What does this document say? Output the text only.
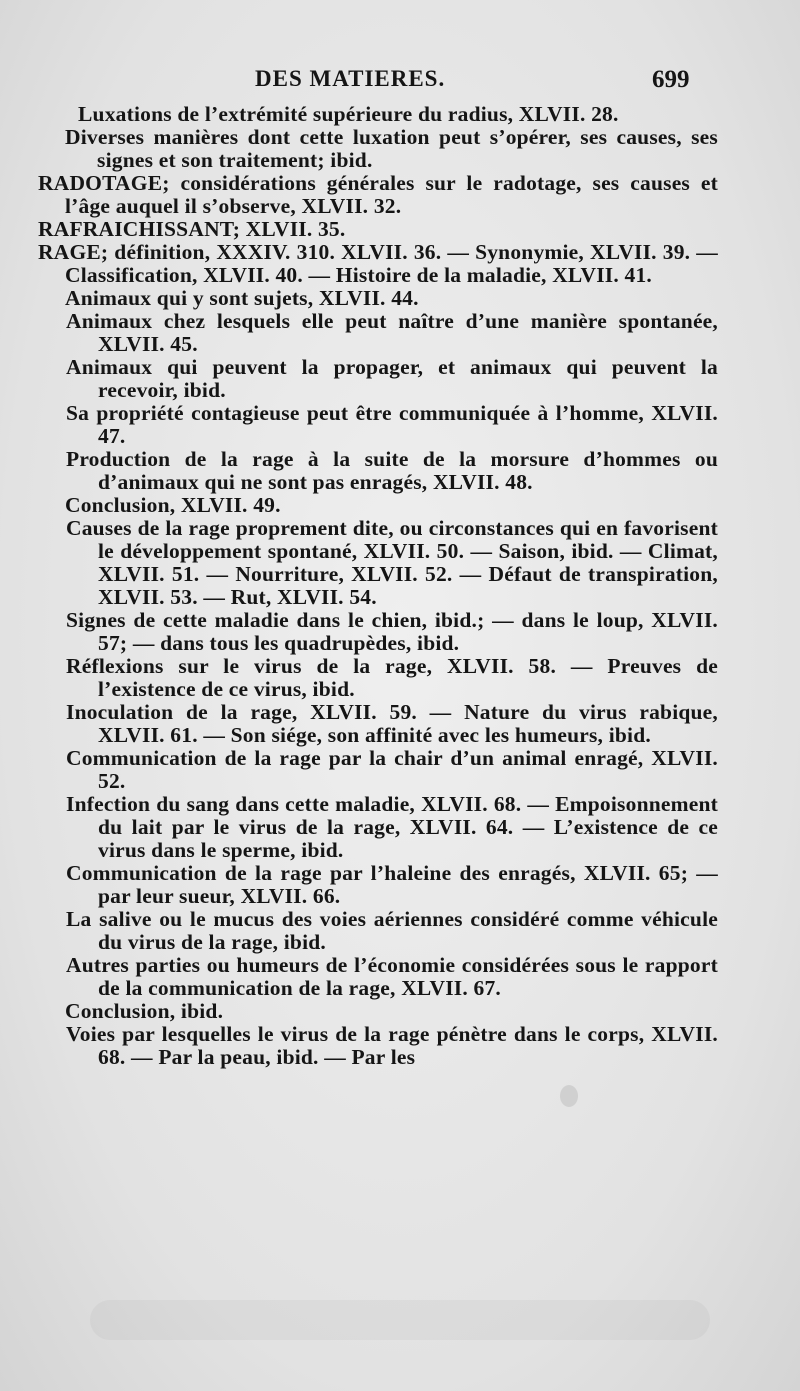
DES MATIERES.	699

Luxations de l’extrémité supérieure du radius, XLVII. 28.

Diverses manières dont cette luxation peut s’opérer, ses causes, ses signes et son traitement; ibid.

RADOTAGE; considérations générales sur le radotage, ses causes et l’âge auquel il s’observe, XLVII. 32.

RAFRAICHISSANT; XLVII. 35.

RAGE; définition, XXXIV. 310. XLVII. 36. — Synonymie, XLVII. 39. — Classification, XLVII. 40. — Histoire de la maladie, XLVII. 41.

Animaux qui y sont sujets, XLVII. 44.

Animaux chez lesquels elle peut naître d’une manière spontanée, XLVII. 45.

Animaux qui peuvent la propager, et animaux qui peuvent la recevoir, ibid.

Sa propriété contagieuse peut être communiquée à l’homme, XLVII. 47.

Production de la rage à la suite de la morsure d’hommes ou d’animaux qui ne sont pas enragés, XLVII. 48.

Conclusion, XLVII. 49.

Causes de la rage proprement dite, ou circonstances qui en favorisent le développement spontané, XLVII. 50. — Saison, ibid. — Climat, XLVII. 51. — Nourriture, XLVII. 52. — Défaut de transpiration, XLVII. 53. — Rut, XLVII. 54.

Signes de cette maladie dans le chien, ibid.; — dans le loup, XLVII. 57; — dans tous les quadrupèdes, ibid.

Réflexions sur le virus de la rage, XLVII. 58. — Preuves de l’existence de ce virus, ibid.

Inoculation de la rage, XLVII. 59. — Nature du virus rabique, XLVII. 61. — Son siége, son affinité avec les humeurs, ibid.

Communication de la rage par la chair d’un animal enragé, XLVII. 52.

Infection du sang dans cette maladie, XLVII. 68. — Empoisonnement du lait par le virus de la rage, XLVII. 64. — L’existence de ce virus dans le sperme, ibid.

Communication de la rage par l’haleine des enragés, XLVII. 65; — par leur sueur, XLVII. 66.

La salive ou le mucus des voies aériennes considéré comme véhicule du virus de la rage, ibid.

Autres parties ou humeurs de l’économie considérées sous le rapport de la communication de la rage, XLVII. 67.

Conclusion, ibid.

Voies par lesquelles le virus de la rage pénètre dans le corps, XLVII. 68. — Par la peau, ibid. — Par les
